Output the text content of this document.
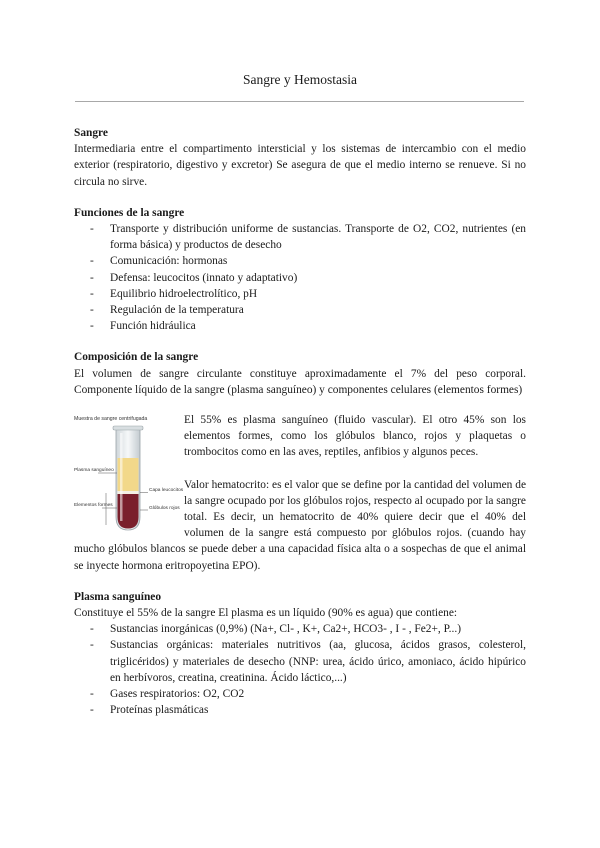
Sangre y Hemostasia
Sangre

Intermediaria entre el compartimento intersticial y los sistemas de intercambio con el medio exterior (respiratorio, digestivo y excretor) Se asegura de que el medio interno se renueve. Si no circula no sirve.

Funciones de la sangre
- Transporte y distribución uniforme de sustancias. Transporte de O2, CO2, nutrientes (en forma básica) y productos de desecho
- Comunicación: hormonas
- Defensa: leucocitos (innato y adaptativo)
- Equilibrio hidroelectrolítico, pH
- Regulación de la temperatura
- Función hidráulica
Composición de la sangre

El volumen de sangre circulante constituye aproximadamente el 7% del peso corporal. Componente líquido de la sangre (plasma sanguíneo) y componentes celulares (elementos formes)

Muestra de sangre centrifugada
Plasma sanguíneo
Capa leucocitos
Elementos formes
Glóbulos rojos

El 55% es plasma sanguíneo (fluido vascular). El otro 45% son los elementos formes, como los glóbulos blanco, rojos y plaquetas o trombocitos como en las aves, reptiles, anfibios y algunos peces.

Valor hematocrito: es el valor que se define por la cantidad del volumen de la sangre ocupado por los glóbulos rojos, respecto al ocupado por la sangre total. Es decir, un hematocrito de 40% quiere decir que el 40% del volumen de la sangre está compuesto por glóbulos rojos. (cuando hay mucho glóbulos blancos se puede deber a una capacidad física alta o a sospechas de que el animal se inyecte hormona eritropoyetina EPO).

Plasma sanguíneo

Constituye el 55% de la sangre El plasma es un líquido (90% es agua) que contiene:

- Sustancias inorgánicas (0,9%) (Na+, Cl- , K+, Ca2+, HCO3- , I - , Fe2+, P...)
- Sustancias orgánicas: materiales nutritivos (aa, glucosa, ácidos grasos, colesterol, triglicéridos) y materiales de desecho (NNP: urea, ácido úrico, amoniaco, ácido hipúrico en herbívoros, creatina, creatinina. Ácido láctico,...)
- Gases respiratorios: O2, CO2
- Proteínas plasmáticas
